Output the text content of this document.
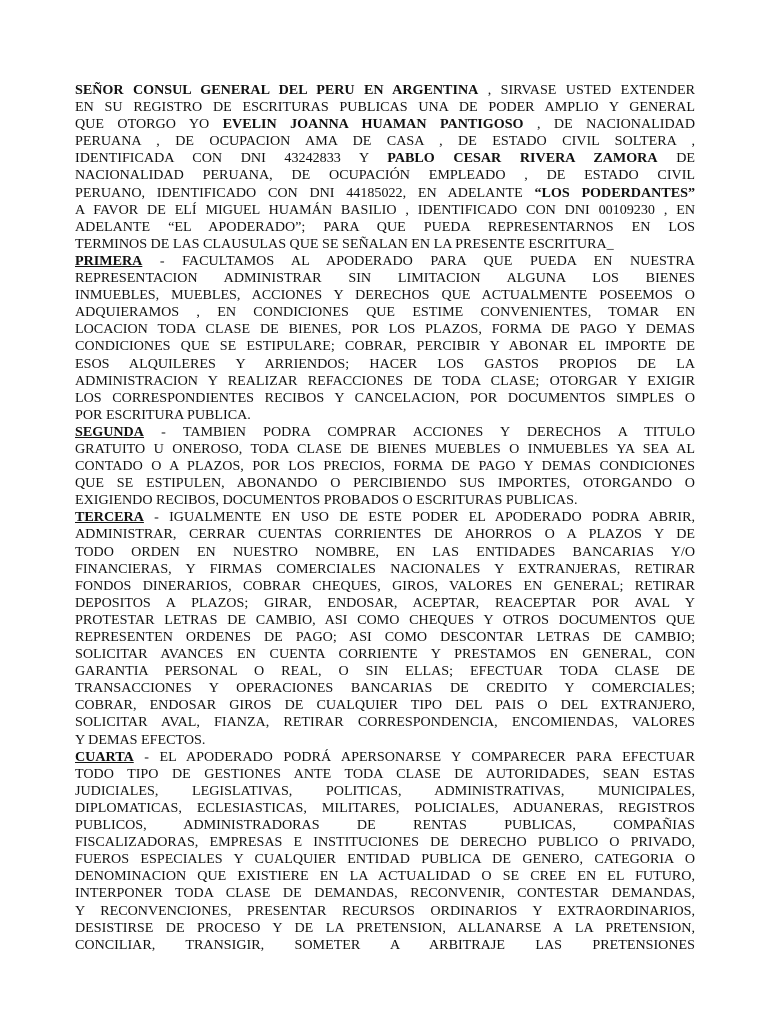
SEÑOR CONSUL GENERAL DEL PERU EN ARGENTINA , SIRVASE USTED EXTENDER
EN SU REGISTRO DE ESCRITURAS PUBLICAS UNA DE PODER AMPLIO Y GENERAL
QUE OTORGO YO EVELIN JOANNA HUAMAN PANTIGOSO , DE NACIONALIDAD
PERUANA , DE OCUPACION AMA DE CASA , DE ESTADO CIVIL SOLTERA ,
IDENTIFICADA CON DNI 43242833 Y PABLO CESAR RIVERA ZAMORA DE
NACIONALIDAD PERUANA, DE OCUPACIÓN EMPLEADO , DE ESTADO CIVIL
PERUANO, IDENTIFICADO CON DNI 44185022, EN ADELANTE “LOS PODERDANTES”
A FAVOR DE ELÍ MIGUEL HUAMÁN BASILIO , IDENTIFICADO CON DNI 00109230 , EN
ADELANTE “EL APODERADO”; PARA QUE PUEDA REPRESENTARNOS EN LOS
TERMINOS DE LAS CLAUSULAS QUE SE SEÑALAN EN LA PRESENTE ESCRITURA_
PRIMERA - FACULTAMOS AL APODERADO PARA QUE PUEDA EN NUESTRA
REPRESENTACION ADMINISTRAR SIN LIMITACION ALGUNA LOS BIENES
INMUEBLES, MUEBLES, ACCIONES Y DERECHOS QUE ACTUALMENTE POSEEMOS O
ADQUIERAMOS , EN CONDICIONES QUE ESTIME CONVENIENTES, TOMAR EN
LOCACION TODA CLASE DE BIENES, POR LOS PLAZOS, FORMA DE PAGO Y DEMAS
CONDICIONES QUE SE ESTIPULARE; COBRAR, PERCIBIR Y ABONAR EL IMPORTE DE
ESOS ALQUILERES Y ARRIENDOS; HACER LOS GASTOS PROPIOS DE LA
ADMINISTRACION Y REALIZAR REFACCIONES DE TODA CLASE; OTORGAR Y EXIGIR
LOS CORRESPONDIENTES RECIBOS Y CANCELACION, POR DOCUMENTOS SIMPLES O
POR ESCRITURA PUBLICA.
SEGUNDA - TAMBIEN PODRA COMPRAR ACCIONES Y DERECHOS A TITULO
GRATUITO U ONEROSO, TODA CLASE DE BIENES MUEBLES O INMUEBLES YA SEA AL
CONTADO O A PLAZOS, POR LOS PRECIOS, FORMA DE PAGO Y DEMAS CONDICIONES
QUE SE ESTIPULEN, ABONANDO O PERCIBIENDO SUS IMPORTES, OTORGANDO O
EXIGIENDO RECIBOS, DOCUMENTOS PROBADOS O ESCRITURAS PUBLICAS.
TERCERA - IGUALMENTE EN USO DE ESTE PODER EL APODERADO PODRA ABRIR,
ADMINISTRAR, CERRAR CUENTAS CORRIENTES DE AHORROS O A PLAZOS Y DE
TODO ORDEN EN NUESTRO NOMBRE, EN LAS ENTIDADES BANCARIAS Y/O
FINANCIERAS, Y FIRMAS COMERCIALES NACIONALES Y EXTRANJERAS, RETIRAR
FONDOS DINERARIOS, COBRAR CHEQUES, GIROS, VALORES EN GENERAL; RETIRAR
DEPOSITOS A PLAZOS; GIRAR, ENDOSAR, ACEPTAR, REACEPTAR POR AVAL Y
PROTESTAR LETRAS DE CAMBIO, ASI COMO CHEQUES Y OTROS DOCUMENTOS QUE
REPRESENTEN ORDENES DE PAGO; ASI COMO DESCONTAR LETRAS DE CAMBIO;
SOLICITAR AVANCES EN CUENTA CORRIENTE Y PRESTAMOS EN GENERAL, CON
GARANTIA PERSONAL O REAL, O SIN ELLAS; EFECTUAR TODA CLASE DE
TRANSACCIONES Y OPERACIONES BANCARIAS DE CREDITO Y COMERCIALES;
COBRAR, ENDOSAR GIROS DE CUALQUIER TIPO DEL PAIS O DEL EXTRANJERO,
SOLICITAR AVAL, FIANZA, RETIRAR CORRESPONDENCIA, ENCOMIENDAS, VALORES
Y DEMAS EFECTOS.
CUARTA - EL APODERADO PODRÁ APERSONARSE Y COMPARECER PARA EFECTUAR
TODO TIPO DE GESTIONES ANTE TODA CLASE DE AUTORIDADES, SEAN ESTAS
JUDICIALES, LEGISLATIVAS, POLITICAS, ADMINISTRATIVAS, MUNICIPALES,
DIPLOMATICAS, ECLESIASTICAS, MILITARES, POLICIALES, ADUANERAS, REGISTROS
PUBLICOS, ADMINISTRADORAS DE RENTAS PUBLICAS, COMPAÑIAS
FISCALIZADORAS, EMPRESAS E INSTITUCIONES DE DERECHO PUBLICO O PRIVADO,
FUEROS ESPECIALES Y CUALQUIER ENTIDAD PUBLICA DE GENERO, CATEGORIA O
DENOMINACION QUE EXISTIERE EN LA ACTUALIDAD O SE CREE EN EL FUTURO,
INTERPONER TODA CLASE DE DEMANDAS, RECONVENIR, CONTESTAR DEMANDAS,
Y RECONVENCIONES, PRESENTAR RECURSOS ORDINARIOS Y EXTRAORDINARIOS,
DESISTIRSE DE PROCESO Y DE LA PRETENSION, ALLANARSE A LA PRETENSION,
CONCILIAR, TRANSIGIR, SOMETER A ARBITRAJE LAS PRETENSIONES
